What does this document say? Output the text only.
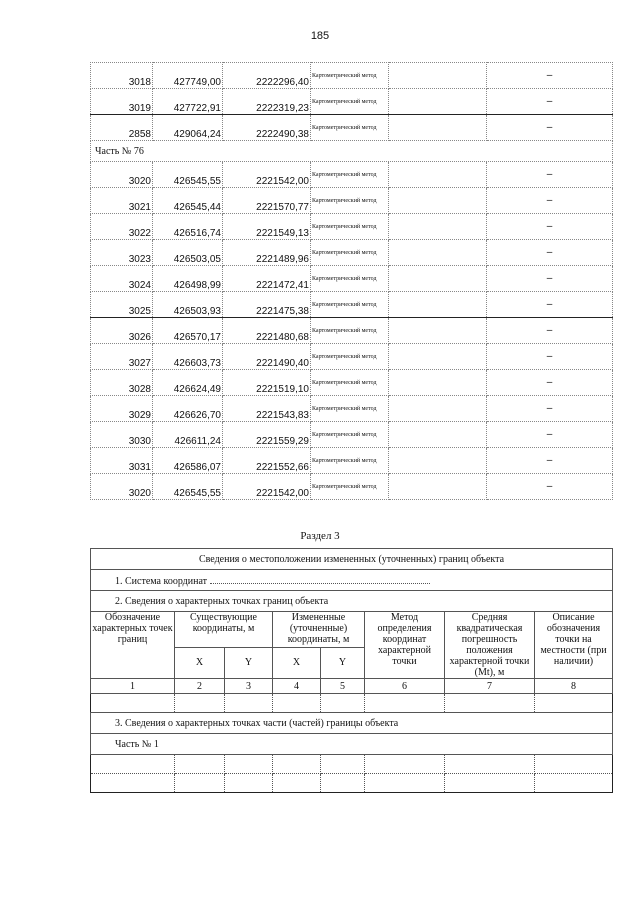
185
3018	427749,00	2222296,40	Картометрический метод		–
3019	427722,91	2222319,23	Картометрический метод		–
2858	429064,24	2222490,38	Картометрический метод		–
Часть № 76					
3020	426545,55	2221542,00	Картометрический метод		–
3021	426545,44	2221570,77	Картометрический метод		–
3022	426516,74	2221549,13	Картометрический метод		–
3023	426503,05	2221489,96	Картометрический метод		–
3024	426498,99	2221472,41	Картометрический метод		–
3025	426503,93	2221475,38	Картометрический метод		–
3026	426570,17	2221480,68	Картометрический метод		–
3027	426603,73	2221490,40	Картометрический метод		–
3028	426624,49	2221519,10	Картометрический метод		–
3029	426626,70	2221543,83	Картометрический метод		–
3030	426611,24	2221559,29	Картометрический метод		–
3031	426586,07	2221552,66	Картометрический метод		–
3020	426545,55	2221542,00	Картометрический метод		–
Раздел 3
Сведения о местоположении измененных (уточненных) границ объекта							
1. Система координат							
2. Сведения о характерных точках границ объекта							
Обозначение характерных точек границ	Существующие координаты, м		Измененные (уточненные) координаты, м		Метод определения координат характерной точки	Средняя квадратическая погрешность положения характерной точки (Mt), м	Описание обозначения точки на местности (при наличии)
	X	Y	X	Y			
1	2	3	4	5	6	7	8

3. Сведения о характерных точках части (частей) границы объекта							
Часть № 1							
